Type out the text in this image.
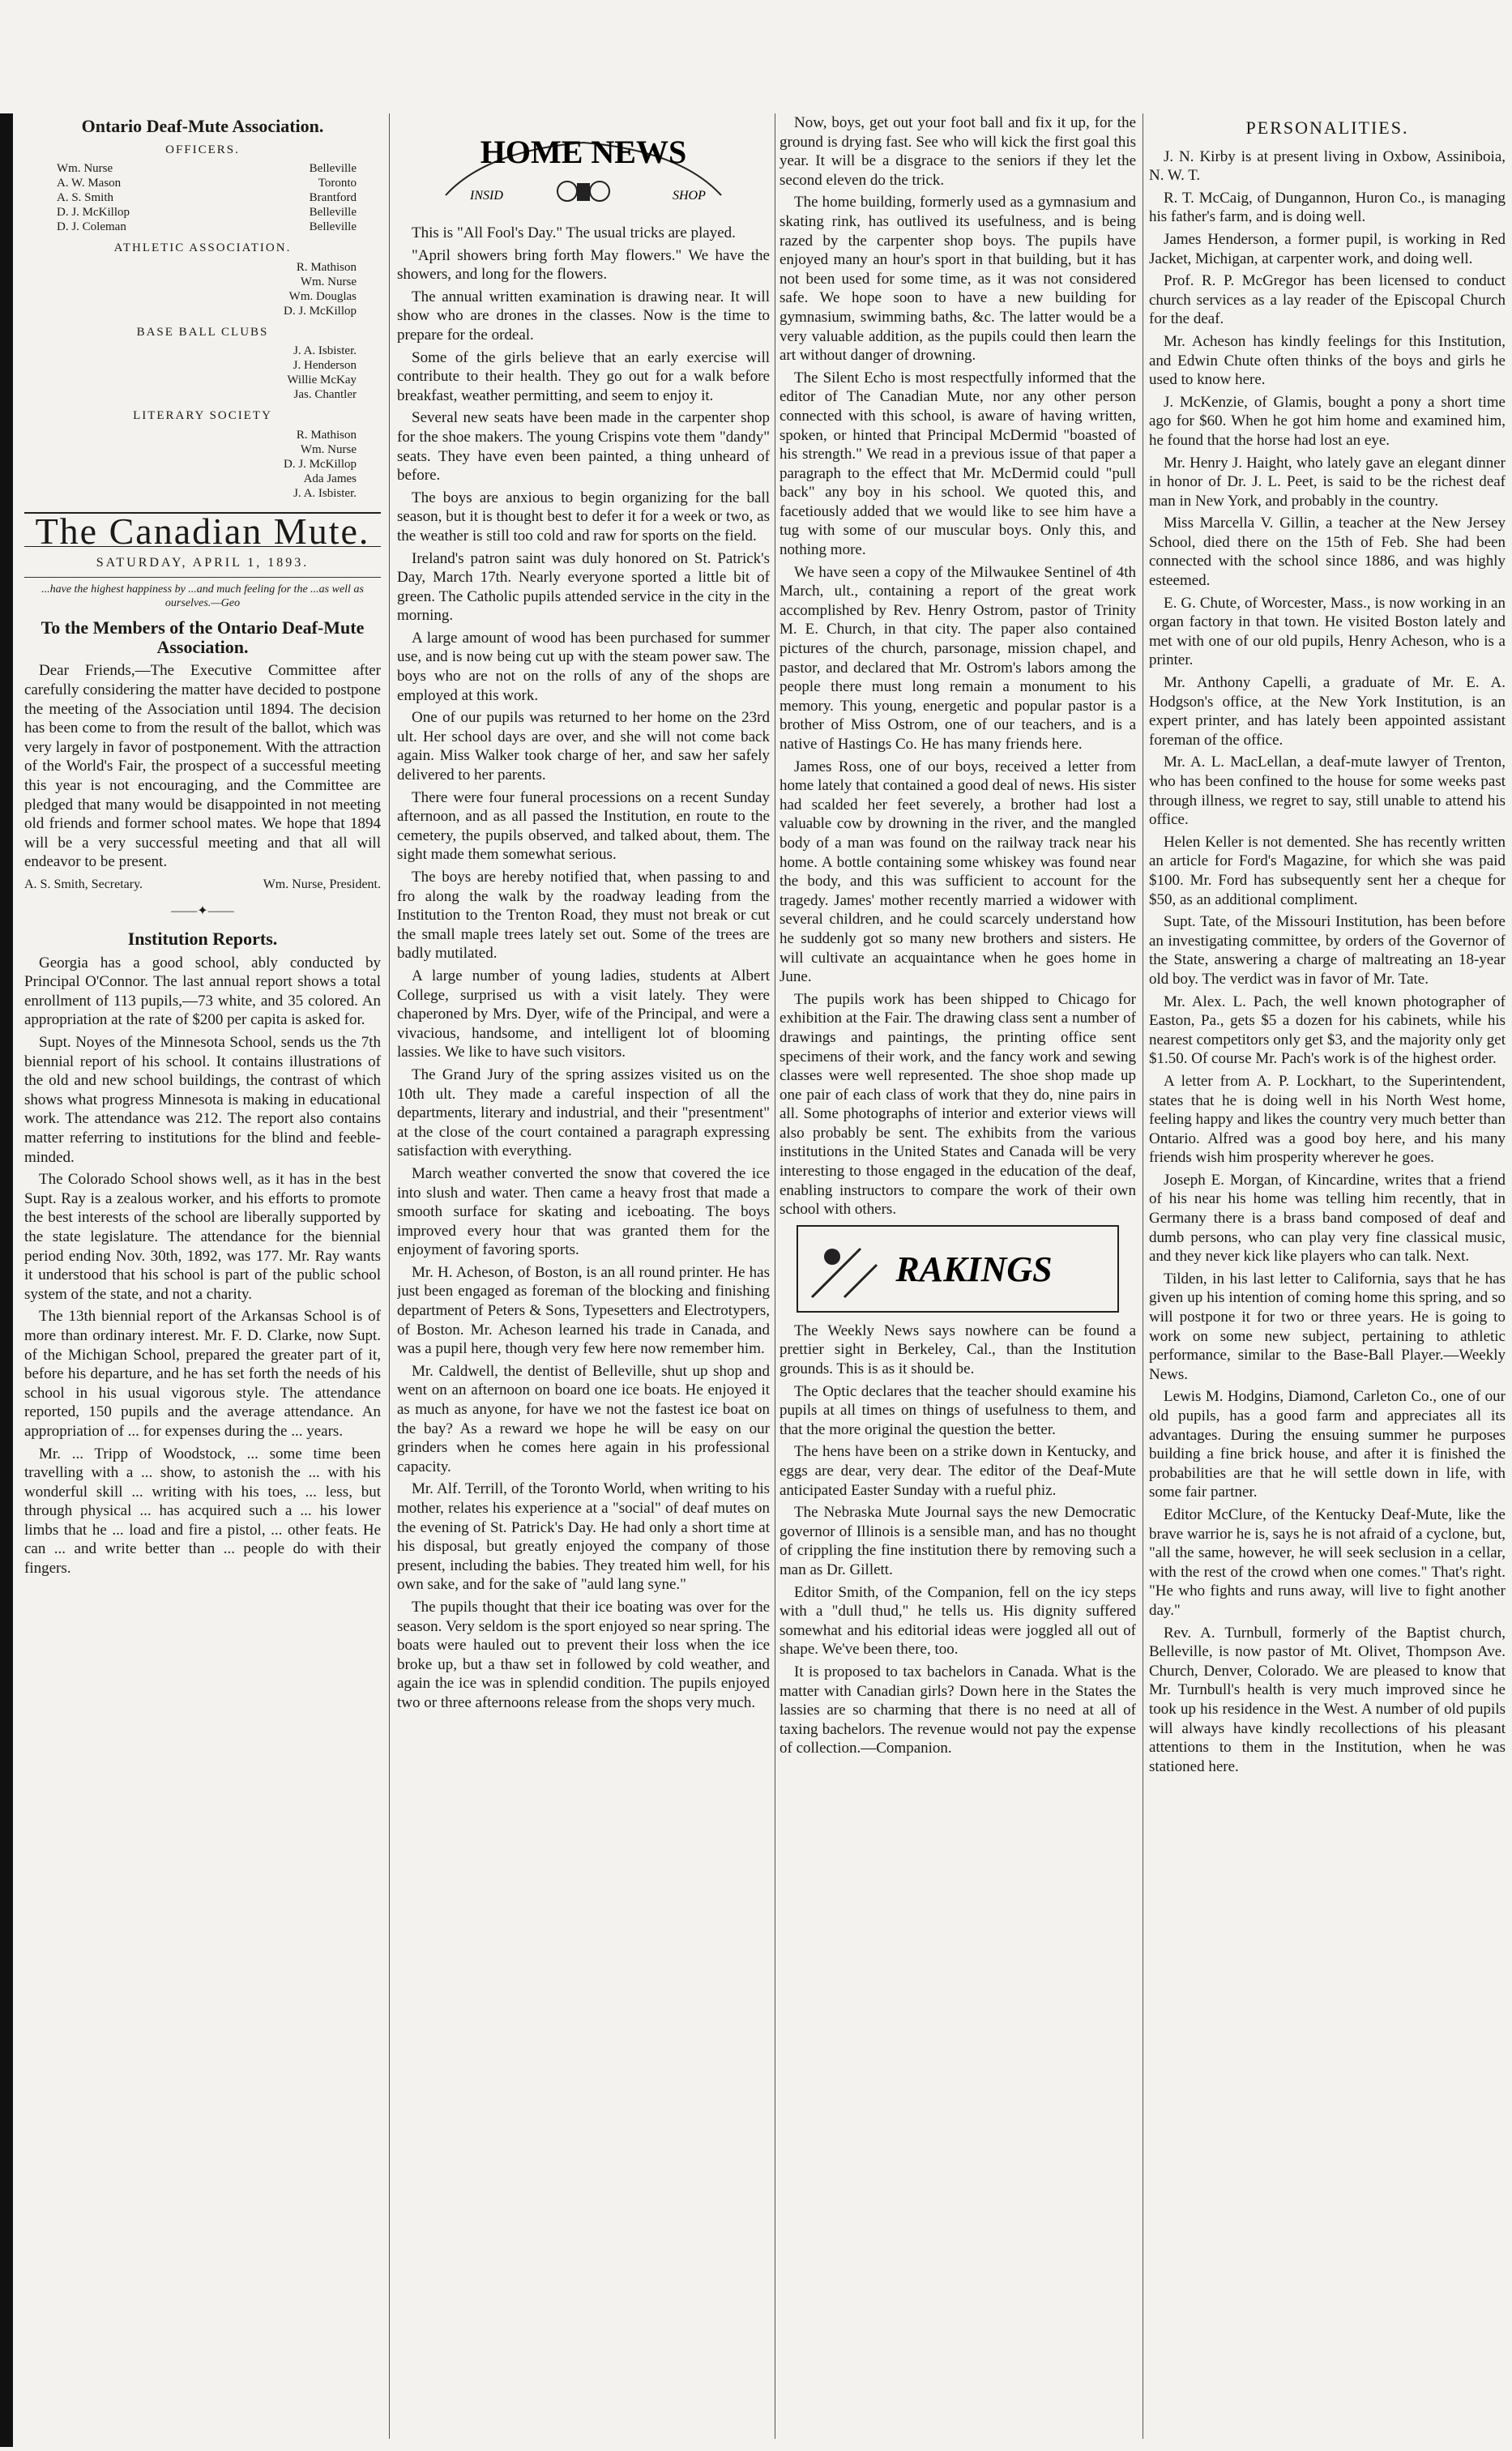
Ontario Deaf-Mute Association.
OFFICERS.
Wm. Nurse	Belleville
A. W. Mason	Toronto
A. S. Smith	Brantford
D. J. McKillop	Belleville
D. J. Coleman	Belleville
ATHLETIC ASSOCIATION.
R. Mathison
Wm. Nurse
Wm. Douglas
D. J. McKillop
BASE BALL CLUBS
J. A. Isbister.
J. Henderson
Willie McKay
Jas. Chantler
LITERARY SOCIETY
R. Mathison
Wm. Nurse
D. J. McKillop
Ada James
J. A. Isbister.
The Canadian Mute.
SATURDAY, APRIL 1, 1893.
...have the highest happiness by ...and much feeling for the ...as well as ourselves.—Geo
To the Members of the Ontario Deaf-Mute Association.

Dear Friends,—The Executive Committee after carefully considering the matter have decided to postpone the meeting of the Association until 1894. The decision has been come to from the result of the ballot, which was very largely in favor of postponement. With the attraction of the World's Fair, the prospect of a successful meeting this year is not encouraging, and the Committee are pledged that many would be disappointed in not meeting old friends and former school mates. We hope that 1894 will be a very successful meeting and that all will endeavor to be present.

A. S. Smith, Secretary.	Wm. Nurse, President.
——✦——
Institution Reports.

Georgia has a good school, ably conducted by Principal O'Connor. The last annual report shows a total enrollment of 113 pupils,—73 white, and 35 colored. An appropriation at the rate of $200 per capita is asked for.

Supt. Noyes of the Minnesota School, sends us the 7th biennial report of his school. It contains illustrations of the old and new school buildings, the contrast of which shows what progress Minnesota is making in educational work. The attendance was 212. The report also contains matter referring to institutions for the blind and feeble-minded.

The Colorado School shows well, as it has in the best Supt. Ray is a zealous worker, and his efforts to promote the best interests of the school are liberally supported by the state legislature. The attendance for the biennial period ending Nov. 30th, 1892, was 177. Mr. Ray wants it understood that his school is part of the public school system of the state, and not a charity.

The 13th biennial report of the Arkansas School is of more than ordinary interest. Mr. F. D. Clarke, now Supt. of the Michigan School, prepared the greater part of it, before his departure, and he has set forth the needs of his school in his usual vigorous style. The attendance reported, 150 pupils and the average attendance. An appropriation of ... for expenses during the ... years.

Mr. ... Tripp of Woodstock, ... some time been travelling with a ... show, to astonish the ... with his wonderful skill ... writing with his toes, ... less, but through physical ... has acquired such a ... his lower limbs that he ... load and fire a pistol, ... other feats. He can ... and write better than ... people do with their fingers.

HOME NEWS
INSID	SHOP

This is "All Fool's Day." The usual tricks are played.

"April showers bring forth May flowers." We have the showers, and long for the flowers.

The annual written examination is drawing near. It will show who are drones in the classes. Now is the time to prepare for the ordeal.

Some of the girls believe that an early exercise will contribute to their health. They go out for a walk before breakfast, weather permitting, and seem to enjoy it.

Several new seats have been made in the carpenter shop for the shoe makers. The young Crispins vote them "dandy" seats. They have even been painted, a thing unheard of before.

The boys are anxious to begin organizing for the ball season, but it is thought best to defer it for a week or two, as the weather is still too cold and raw for sports on the field.

Ireland's patron saint was duly honored on St. Patrick's Day, March 17th. Nearly everyone sported a little bit of green. The Catholic pupils attended service in the city in the morning.

A large amount of wood has been purchased for summer use, and is now being cut up with the steam power saw. The boys who are not on the rolls of any of the shops are employed at this work.

One of our pupils was returned to her home on the 23rd ult. Her school days are over, and she will not come back again. Miss Walker took charge of her, and saw her safely delivered to her parents.

There were four funeral processions on a recent Sunday afternoon, and as all passed the Institution, en route to the cemetery, the pupils observed, and talked about, them. The sight made them somewhat serious.

The boys are hereby notified that, when passing to and fro along the walk by the roadway leading from the Institution to the Trenton Road, they must not break or cut the small maple trees lately set out. Some of the trees are badly mutilated.

A large number of young ladies, students at Albert College, surprised us with a visit lately. They were chaperoned by Mrs. Dyer, wife of the Principal, and were a vivacious, handsome, and intelligent lot of blooming lassies. We like to have such visitors.

The Grand Jury of the spring assizes visited us on the 10th ult. They made a careful inspection of all the departments, literary and industrial, and their "presentment" at the close of the court contained a paragraph expressing satisfaction with everything.

March weather converted the snow that covered the ice into slush and water. Then came a heavy frost that made a smooth surface for skating and iceboating. The boys improved every hour that was granted them for the enjoyment of favoring sports.

Mr. H. Acheson, of Boston, is an all round printer. He has just been engaged as foreman of the blocking and finishing department of Peters & Sons, Typesetters and Electrotypers, of Boston. Mr. Acheson learned his trade in Canada, and was a pupil here, though very few here now remember him.

Mr. Caldwell, the dentist of Belleville, shut up shop and went on an afternoon on board one ice boats. He enjoyed it as much as anyone, for have we not the fastest ice boat on the bay? As a reward we hope he will be easy on our grinders when he comes here again in his professional capacity.

Mr. Alf. Terrill, of the Toronto World, when writing to his mother, relates his experience at a "social" of deaf mutes on the evening of St. Patrick's Day. He had only a short time at his disposal, but greatly enjoyed the company of those present, including the babies. They treated him well, for his own sake, and for the sake of "auld lang syne."

The pupils thought that their ice boating was over for the season. Very seldom is the sport enjoyed so near spring. The boats were hauled out to prevent their loss when the ice broke up, but a thaw set in followed by cold weather, and again the ice was in splendid condition. The pupils enjoyed two or three afternoons release from the shops very much.

Now, boys, get out your foot ball and fix it up, for the ground is drying fast. See who will kick the first goal this year. It will be a disgrace to the seniors if they let the second eleven do the trick.

The home building, formerly used as a gymnasium and skating rink, has outlived its usefulness, and is being razed by the carpenter shop boys. The pupils have enjoyed many an hour's sport in that building, but it has not been used for some time, as it was not considered safe. We hope soon to have a new building for gymnasium, swimming baths, &c. The latter would be a very valuable addition, as the pupils could then learn the art without danger of drowning.

The Silent Echo is most respectfully informed that the editor of The Canadian Mute, nor any other person connected with this school, is aware of having written, spoken, or hinted that Principal McDermid "boasted of his strength." We read in a previous issue of that paper a paragraph to the effect that Mr. McDermid could "pull back" any boy in his school. We quoted this, and facetiously added that we would like to see him have a tug with some of our muscular boys. Only this, and nothing more.

We have seen a copy of the Milwaukee Sentinel of 4th March, ult., containing a report of the great work accomplished by Rev. Henry Ostrom, pastor of Trinity M. E. Church, in that city. The paper also contained pictures of the church, parsonage, mission chapel, and pastor, and declared that Mr. Ostrom's labors among the people there must long remain a monument to his memory. This young, energetic and popular pastor is a brother of Miss Ostrom, one of our teachers, and is a native of Hastings Co. He has many friends here.

James Ross, one of our boys, received a letter from home lately that contained a good deal of news. His sister had scalded her feet severely, a brother had lost a valuable cow by drowning in the river, and the mangled body of a man was found on the railway track near his home. A bottle containing some whiskey was found near the body, and this was sufficient to account for the tragedy. James' mother recently married a widower with several children, and he could scarcely understand how he suddenly got so many new brothers and sisters. He will cultivate an acquaintance when he goes home in June.

The pupils work has been shipped to Chicago for exhibition at the Fair. The drawing class sent a number of drawings and paintings, the printing office sent specimens of their work, and the fancy work and sewing classes were well represented. The shoe shop made up one pair of each class of work that they do, nine pairs in all. Some photographs of interior and exterior views will also probably be sent. The exhibits from the various institutions in the United States and Canada will be very interesting to those engaged in the education of the deaf, enabling instructors to compare the work of their own school with others.

RAKINGS

The Weekly News says nowhere can be found a prettier sight in Berkeley, Cal., than the Institution grounds. This is as it should be.

The Optic declares that the teacher should examine his pupils at all times on things of usefulness to them, and that the more original the question the better.

The hens have been on a strike down in Kentucky, and eggs are dear, very dear. The editor of the Deaf-Mute anticipated Easter Sunday with a rueful phiz.

The Nebraska Mute Journal says the new Democratic governor of Illinois is a sensible man, and has no thought of crippling the fine institution there by removing such a man as Dr. Gillett.

Editor Smith, of the Companion, fell on the icy steps with a "dull thud," he tells us. His dignity suffered somewhat and his editorial ideas were joggled all out of shape. We've been there, too.

It is proposed to tax bachelors in Canada. What is the matter with Canadian girls? Down here in the States the lassies are so charming that there is no need at all of taxing bachelors. The revenue would not pay the expense of collection.—Companion.

PERSONALITIES.

J. N. Kirby is at present living in Oxbow, Assiniboia, N. W. T.

R. T. McCaig, of Dungannon, Huron Co., is managing his father's farm, and is doing well.

James Henderson, a former pupil, is working in Red Jacket, Michigan, at carpenter work, and doing well.

Prof. R. P. McGregor has been licensed to conduct church services as a lay reader of the Episcopal Church for the deaf.

Mr. Acheson has kindly feelings for this Institution, and Edwin Chute often thinks of the boys and girls he used to know here.

J. McKenzie, of Glamis, bought a pony a short time ago for $60. When he got him home and examined him, he found that the horse had lost an eye.

Mr. Henry J. Haight, who lately gave an elegant dinner in honor of Dr. J. L. Peet, is said to be the richest deaf man in New York, and probably in the country.

Miss Marcella V. Gillin, a teacher at the New Jersey School, died there on the 15th of Feb. She had been connected with the school since 1886, and was highly esteemed.

E. G. Chute, of Worcester, Mass., is now working in an organ factory in that town. He visited Boston lately and met with one of our old pupils, Henry Acheson, who is a printer.

Mr. Anthony Capelli, a graduate of Mr. E. A. Hodgson's office, at the New York Institution, is an expert printer, and has lately been appointed assistant foreman of the office.

Mr. A. L. MacLellan, a deaf-mute lawyer of Trenton, who has been confined to the house for some weeks past through illness, we regret to say, still unable to attend his office.

Helen Keller is not demented. She has recently written an article for Ford's Magazine, for which she was paid $100. Mr. Ford has subsequently sent her a cheque for $50, as an additional compliment.

Supt. Tate, of the Missouri Institution, has been before an investigating committee, by orders of the Governor of the State, answering a charge of maltreating an 18-year old boy. The verdict was in favor of Mr. Tate.

Mr. Alex. L. Pach, the well known photographer of Easton, Pa., gets $5 a dozen for his cabinets, while his nearest competitors only get $3, and the majority only get $1.50. Of course Mr. Pach's work is of the highest order.

A letter from A. P. Lockhart, to the Superintendent, states that he is doing well in his North West home, feeling happy and likes the country very much better than Ontario. Alfred was a good boy here, and his many friends wish him prosperity wherever he goes.

Joseph E. Morgan, of Kincardine, writes that a friend of his near his home was telling him recently, that in Germany there is a brass band composed of deaf and dumb persons, who can play very fine classical music, and they never kick like players who can talk. Next.

Tilden, in his last letter to California, says that he has given up his intention of coming home this spring, and so will postpone it for two or three years. He is going to work on some new subject, pertaining to athletic performance, similar to the Base-Ball Player.—Weekly News.

Lewis M. Hodgins, Diamond, Carleton Co., one of our old pupils, has a good farm and appreciates all its advantages. During the ensuing summer he purposes building a fine brick house, and after it is finished the probabilities are that he will settle down in life, with some fair partner.

Editor McClure, of the Kentucky Deaf-Mute, like the brave warrior he is, says he is not afraid of a cyclone, but, "all the same, however, he will seek seclusion in a cellar, with the rest of the crowd when one comes." That's right. "He who fights and runs away, will live to fight another day."

Rev. A. Turnbull, formerly of the Baptist church, Belleville, is now pastor of Mt. Olivet, Thompson Ave. Church, Denver, Colorado. We are pleased to know that Mr. Turnbull's health is very much improved since he took up his residence in the West. A number of old pupils will always have kindly recollections of his pleasant attentions to them in the Institution, when he was stationed here.
